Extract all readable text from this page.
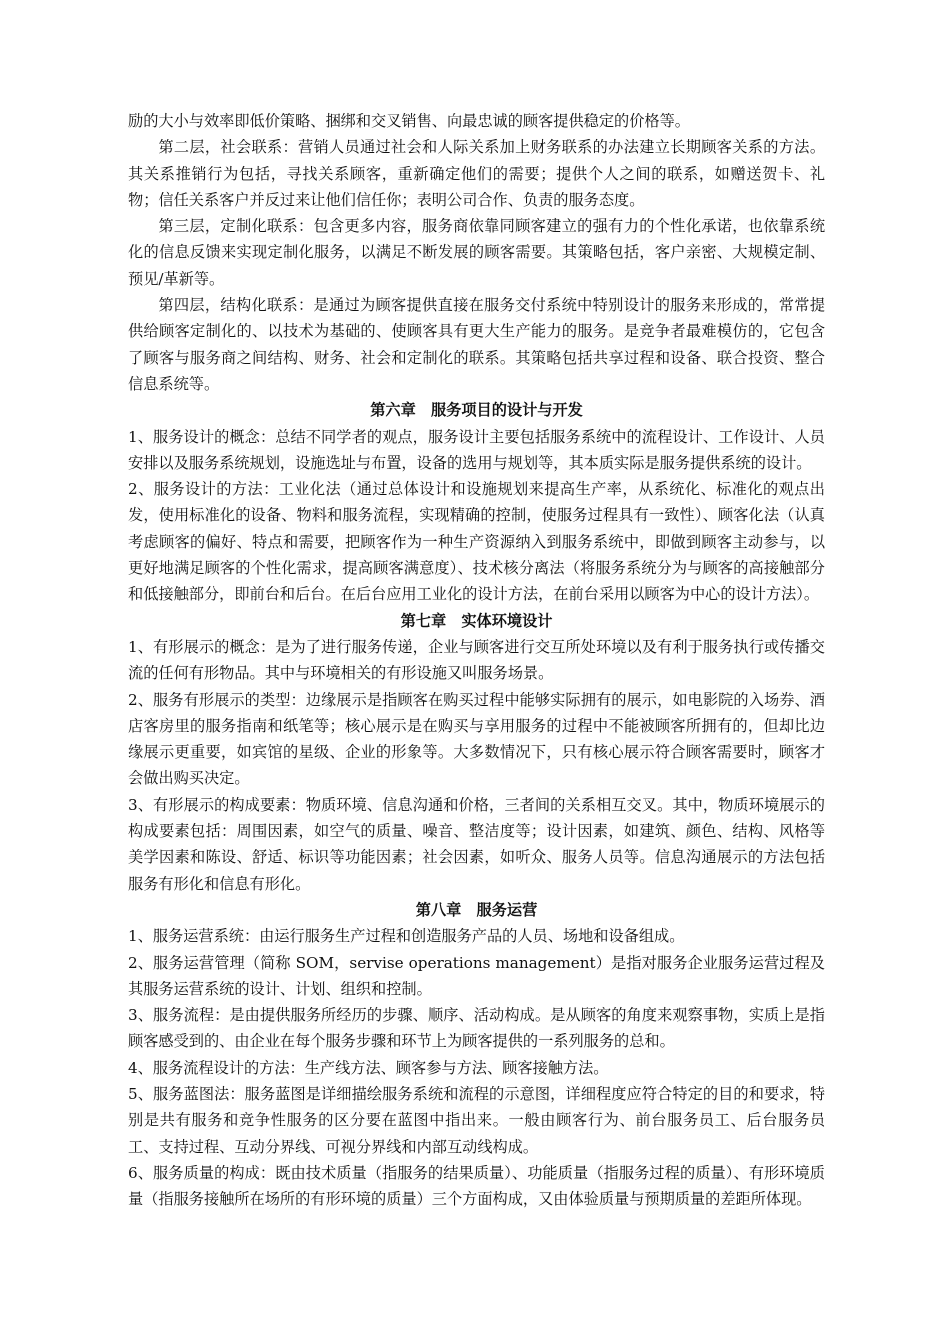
励的大小与效率即低价策略、捆绑和交叉销售、向最忠诚的顾客提供稳定的价格等。

第二层，社会联系：营销人员通过社会和人际关系加上财务联系的办法建立长期顾客关系的方法。其关系推销行为包括，寻找关系顾客，重新确定他们的需要；提供个人之间的联系，如赠送贺卡、礼物；信任关系客户并反过来让他们信任你；表明公司合作、负责的服务态度。

第三层，定制化联系：包含更多内容，服务商依靠同顾客建立的强有力的个性化承诺，也依靠系统化的信息反馈来实现定制化服务，以满足不断发展的顾客需要。其策略包括，客户亲密、大规模定制、预见/革新等。

第四层，结构化联系：是通过为顾客提供直接在服务交付系统中特别设计的服务来形成的，常常提供给顾客定制化的、以技术为基础的、使顾客具有更大生产能力的服务。是竞争者最难模仿的，它包含了顾客与服务商之间结构、财务、社会和定制化的联系。其策略包括共享过程和设备、联合投资、整合信息系统等。

第六章　服务项目的设计与开发

1、服务设计的概念：总结不同学者的观点，服务设计主要包括服务系统中的流程设计、工作设计、人员安排以及服务系统规划，设施选址与布置，设备的选用与规划等，其本质实际是服务提供系统的设计。

2、服务设计的方法：工业化法（通过总体设计和设施规划来提高生产率，从系统化、标准化的观点出发，使用标准化的设备、物料和服务流程，实现精确的控制，使服务过程具有一致性）、顾客化法（认真考虑顾客的偏好、特点和需要，把顾客作为一种生产资源纳入到服务系统中，即做到顾客主动参与，以更好地满足顾客的个性化需求，提高顾客满意度）、技术核分离法（将服务系统分为与顾客的高接触部分和低接触部分，即前台和后台。在后台应用工业化的设计方法，在前台采用以顾客为中心的设计方法）。

第七章　实体环境设计

1、有形展示的概念：是为了进行服务传递，企业与顾客进行交互所处环境以及有利于服务执行或传播交流的任何有形物品。其中与环境相关的有形设施又叫服务场景。

2、服务有形展示的类型：边缘展示是指顾客在购买过程中能够实际拥有的展示，如电影院的入场券、酒店客房里的服务指南和纸笔等；核心展示是在购买与享用服务的过程中不能被顾客所拥有的，但却比边缘展示更重要，如宾馆的星级、企业的形象等。大多数情况下，只有核心展示符合顾客需要时，顾客才会做出购买决定。

3、有形展示的构成要素：物质环境、信息沟通和价格，三者间的关系相互交叉。其中，物质环境展示的构成要素包括：周围因素，如空气的质量、噪音、整洁度等；设计因素，如建筑、颜色、结构、风格等美学因素和陈设、舒适、标识等功能因素；社会因素，如听众、服务人员等。信息沟通展示的方法包括服务有形化和信息有形化。

第八章　服务运营

1、服务运营系统：由运行服务生产过程和创造服务产品的人员、场地和设备组成。

2、服务运营管理（简称 SOM，servise operations management）是指对服务企业服务运营过程及其服务运营系统的设计、计划、组织和控制。

3、服务流程：是由提供服务所经历的步骤、顺序、活动构成。是从顾客的角度来观察事物，实质上是指顾客感受到的、由企业在每个服务步骤和环节上为顾客提供的一系列服务的总和。

4、服务流程设计的方法：生产线方法、顾客参与方法、顾客接触方法。

5、服务蓝图法：服务蓝图是详细描绘服务系统和流程的示意图，详细程度应符合特定的目的和要求，特别是共有服务和竞争性服务的区分要在蓝图中指出来。一般由顾客行为、前台服务员工、后台服务员工、支持过程、互动分界线、可视分界线和内部互动线构成。

6、服务质量的构成：既由技术质量（指服务的结果质量）、功能质量（指服务过程的质量）、有形环境质量（指服务接触所在场所的有形环境的质量）三个方面构成，又由体验质量与预期质量的差距所体现。
